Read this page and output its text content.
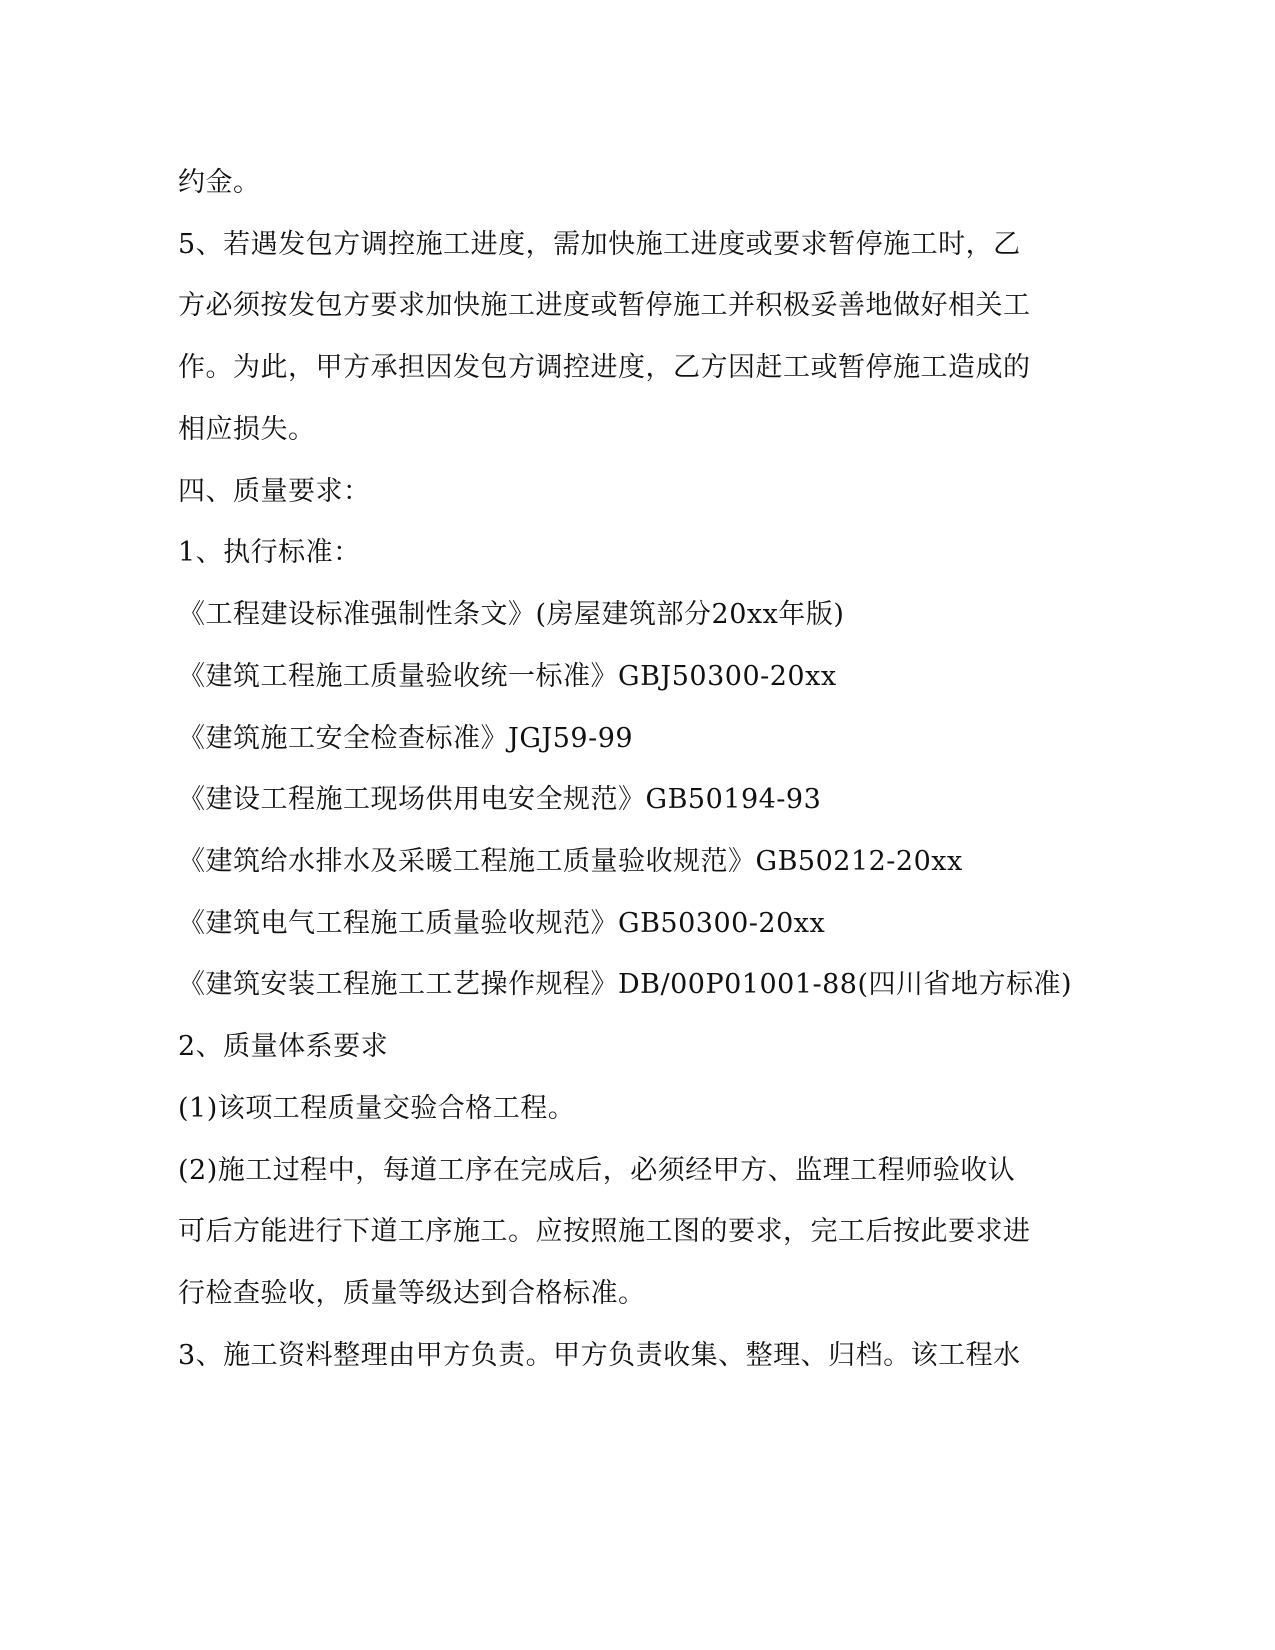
约金。
5、若遇发包方调控施工进度，需加快施工进度或要求暂停施工时，乙
方必须按发包方要求加快施工进度或暂停施工并积极妥善地做好相关工
作。为此，甲方承担因发包方调控进度，乙方因赶工或暂停施工造成的
相应损失。
四、质量要求：
1、执行标准：
《工程建设标准强制性条文》(房屋建筑部分20xx年版)
《建筑工程施工质量验收统一标准》GBJ50300-20xx
《建筑施工安全检查标准》JGJ59-99
《建设工程施工现场供用电安全规范》GB50194-93
《建筑给水排水及采暖工程施工质量验收规范》GB50212-20xx
《建筑电气工程施工质量验收规范》GB50300-20xx
《建筑安装工程施工工艺操作规程》DB/00P01001-88(四川省地方标准)
2、质量体系要求
(1)该项工程质量交验合格工程。
(2)施工过程中，每道工序在完成后，必须经甲方、监理工程师验收认
可后方能进行下道工序施工。应按照施工图的要求，完工后按此要求进
行检查验收，质量等级达到合格标准。
3、施工资料整理由甲方负责。甲方负责收集、整理、归档。该工程水
